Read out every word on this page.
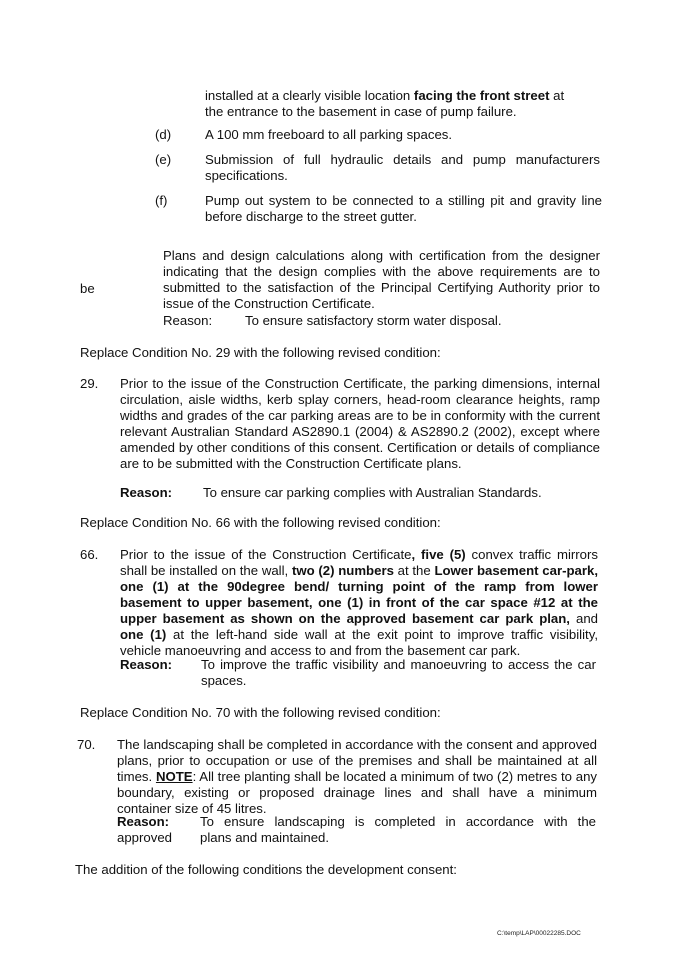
installed at a clearly visible location facing the front street at
the entrance to the basement in case of pump failure.
(d)	A 100 mm freeboard to all parking spaces.
(e)	Submission of full hydraulic details and pump manufacturers specifications.
(f)	Pump out system to be connected to a stilling pit and gravity line before discharge to the street gutter.
be
Plans and design calculations along with certification from the designer indicating that the design complies with the above requirements are to submitted to the satisfaction of the Principal Certifying Authority prior to issue of the Construction Certificate.
Reason: To ensure satisfactory storm water disposal.
Replace Condition No. 29 with the following revised condition:
29. Prior to the issue of the Construction Certificate, the parking dimensions, internal circulation, aisle widths, kerb splay corners, head-room clearance heights, ramp widths and grades of the car parking areas are to be in conformity with the current relevant Australian Standard AS2890.1 (2004) & AS2890.2 (2002), except where amended by other conditions of this consent. Certification or details of compliance are to be submitted with the Construction Certificate plans.
Reason: To ensure car parking complies with Australian Standards.
Replace Condition No. 66 with the following revised condition:
66. Prior to the issue of the Construction Certificate, five (5) convex traffic mirrors shall be installed on the wall, two (2) numbers at the Lower basement car-park, one (1) at the 90degree bend/ turning point of the ramp from lower basement to upper basement, one (1) in front of the car space #12 at the upper basement as shown on the approved basement car park plan, and one (1) at the left-hand side wall at the exit point to improve traffic visibility, vehicle manoeuvring and access to and from the basement car park.
Reason: To improve the traffic visibility and manoeuvring to access the car spaces.
Replace Condition No. 70 with the following revised condition:
70. The landscaping shall be completed in accordance with the consent and approved plans, prior to occupation or use of the premises and shall be maintained at all times. NOTE: All tree planting shall be located a minimum of two (2) metres to any boundary, existing or proposed drainage lines and shall have a minimum container size of 45 litres.
Reason: To ensure landscaping is completed in accordance with the
approved plans and maintained.
The addition of the following conditions the development consent:
C:\temp\LAP\00022285.DOC
